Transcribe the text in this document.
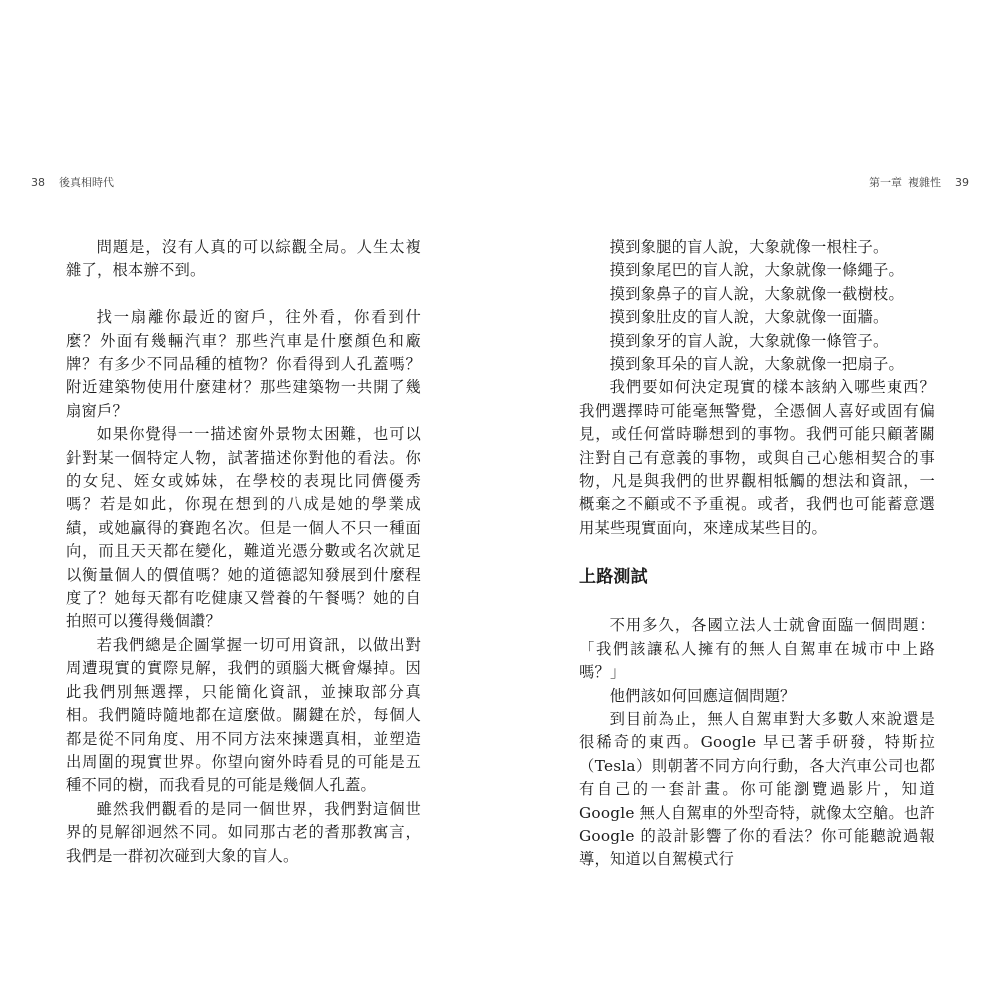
38 後真相時代

問題是，沒有人真的可以綜觀全局。人生太複雜了，根本辦不到。

找一扇離你最近的窗戶，往外看，你看到什麼？外面有幾輛汽車？那些汽車是什麼顏色和廠牌？有多少不同品種的植物？你看得到人孔蓋嗎？附近建築物使用什麼建材？那些建築物一共開了幾扇窗戶？

如果你覺得一一描述窗外景物太困難，也可以針對某一個特定人物，試著描述你對他的看法。你的女兒、姪女或姊妹，在學校的表現比同儕優秀嗎？若是如此，你現在想到的八成是她的學業成績，或她贏得的賽跑名次。但是一個人不只一種面向，而且天天都在變化，難道光憑分數或名次就足以衡量個人的價值嗎？她的道德認知發展到什麼程度了？她每天都有吃健康又營養的午餐嗎？她的自拍照可以獲得幾個讚？

若我們總是企圖掌握一切可用資訊，以做出對周遭現實的實際見解，我們的頭腦大概會爆掉。因此我們別無選擇，只能簡化資訊，並揀取部分真相。我們隨時隨地都在這麼做。關鍵在於，每個人都是從不同角度、用不同方法來揀選真相，並塑造出周圍的現實世界。你望向窗外時看見的可能是五種不同的樹，而我看見的可能是幾個人孔蓋。

雖然我們觀看的是同一個世界，我們對這個世界的見解卻迥然不同。如同那古老的耆那教寓言，我們是一群初次碰到大象的盲人。

第一章 複雜性 39

摸到象腿的盲人說，大象就像一根柱子。

摸到象尾巴的盲人說，大象就像一條繩子。

摸到象鼻子的盲人說，大象就像一截樹枝。

摸到象肚皮的盲人說，大象就像一面牆。

摸到象牙的盲人說，大象就像一條管子。

摸到象耳朵的盲人說，大象就像一把扇子。

我們要如何決定現實的樣本該納入哪些東西？我們選擇時可能毫無警覺，全憑個人喜好或固有偏見，或任何當時聯想到的事物。我們可能只顧著關注對自己有意義的事物，或與自己心態相契合的事物，凡是與我們的世界觀相牴觸的想法和資訊，一概棄之不顧或不予重視。或者，我們也可能蓄意選用某些現實面向，來達成某些目的。

上路測試

不用多久，各國立法人士就會面臨一個問題：「我們該讓私人擁有的無人自駕車在城市中上路嗎？」

他們該如何回應這個問題？

到目前為止，無人自駕車對大多數人來說還是很稀奇的東西。Google 早已著手研發，特斯拉（Tesla）則朝著不同方向行動，各大汽車公司也都有自己的一套計畫。你可能瀏覽過影片，知道 Google 無人自駕車的外型奇特，就像太空艙。也許 Google 的設計影響了你的看法？你可能聽說過報導，知道以自駕模式行
